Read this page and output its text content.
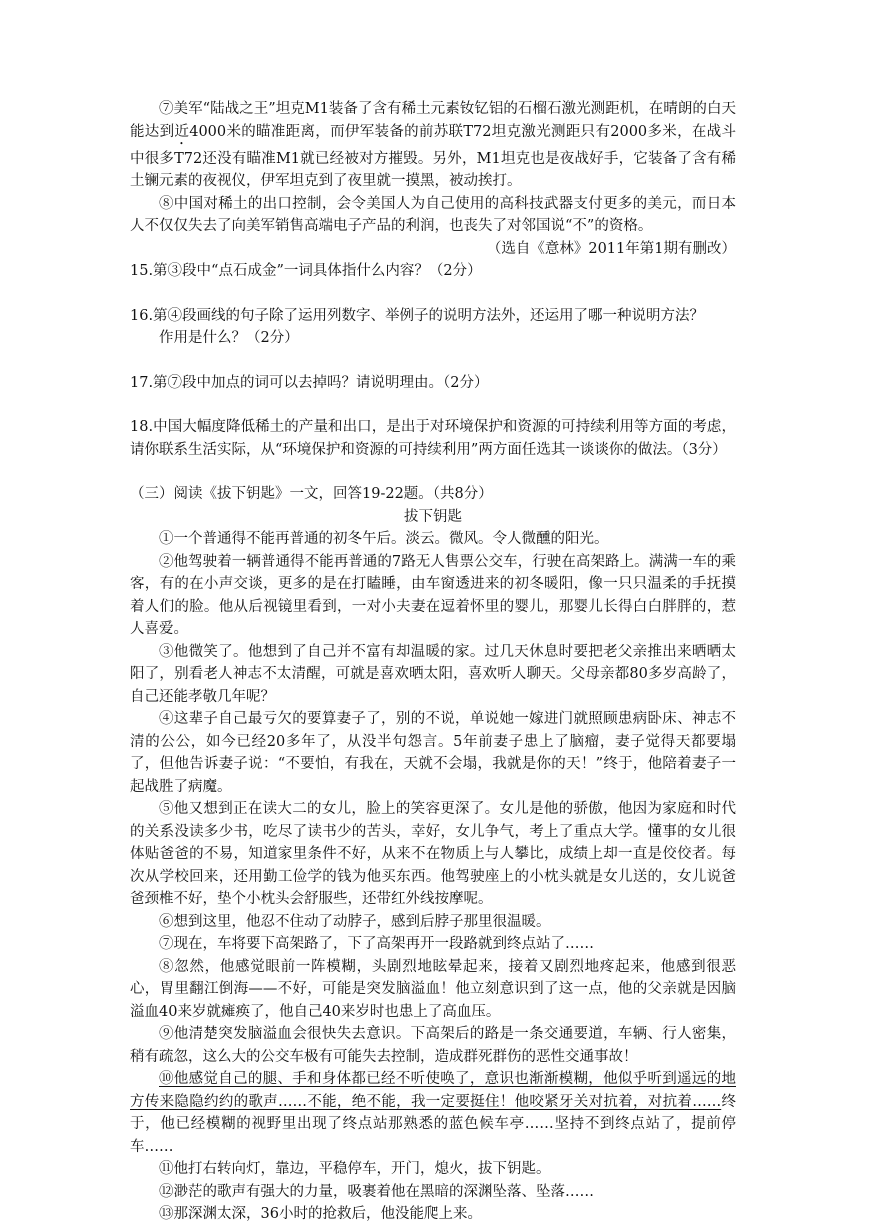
⑦美军“陆战之王”坦克M1装备了含有稀土元素钕钇铝的石榴石激光测距机，在晴朗的白天能达到近4000米的瞄准距离，而伊军装备的前苏联T72坦克激光测距只有2000多米，在战斗中很多T72还没有瞄准M1就已经被对方摧毁。另外，M1坦克也是夜战好手，它装备了含有稀土镧元素的夜视仪，伊军坦克到了夜里就一摸黑，被动挨打。

⑧中国对稀土的出口控制，会令美国人为自己使用的高科技武器支付更多的美元，而日本人不仅仅失去了向美军销售高端电子产品的利润，也丧失了对邻国说“不”的资格。

（选自《意林》2011年第1期有删改）

15.第③段中“点石成金”一词具体指什么内容？（2分）

16.第④段画线的句子除了运用列数字、举例子的说明方法外，还运用了哪一种说明方法？

作用是什么？（2分）

17.第⑦段中加点的词可以去掉吗？请说明理由。（2分）

18.中国大幅度降低稀土的产量和出口，是出于对环境保护和资源的可持续利用等方面的考虑，请你联系生活实际，从“环境保护和资源的可持续利用”两方面任选其一谈谈你的做法。（3分）

（三）阅读《拔下钥匙》一文，回答19-22题。（共8分）

拔下钥匙

①一个普通得不能再普通的初冬午后。淡云。微风。令人微醺的阳光。

②他驾驶着一辆普通得不能再普通的7路无人售票公交车，行驶在高架路上。满满一车的乘客，有的在小声交谈，更多的是在打瞌睡，由车窗透进来的初冬暖阳，像一只只温柔的手抚摸着人们的脸。他从后视镜里看到，一对小夫妻在逗着怀里的婴儿，那婴儿长得白白胖胖的，惹人喜爱。

③他微笑了。他想到了自己并不富有却温暖的家。过几天休息时要把老父亲推出来晒晒太阳了，别看老人神志不太清醒，可就是喜欢晒太阳，喜欢听人聊天。父母亲都80多岁高龄了，自己还能孝敬几年呢？

④这辈子自己最亏欠的要算妻子了，别的不说，单说她一嫁进门就照顾患病卧床、神志不清的公公，如今已经20多年了，从没半句怨言。5年前妻子患上了脑瘤，妻子觉得天都要塌了，但他告诉妻子说：“不要怕，有我在，天就不会塌，我就是你的天！”终于，他陪着妻子一起战胜了病魔。

⑤他又想到正在读大二的女儿，脸上的笑容更深了。女儿是他的骄傲，他因为家庭和时代的关系没读多少书，吃尽了读书少的苦头，幸好，女儿争气，考上了重点大学。懂事的女儿很体贴爸爸的不易，知道家里条件不好，从来不在物质上与人攀比，成绩上却一直是佼佼者。每次从学校回来，还用勤工俭学的钱为他买东西。他驾驶座上的小枕头就是女儿送的，女儿说爸爸颈椎不好，垫个小枕头会舒服些，还带红外线按摩呢。

⑥想到这里，他忍不住动了动脖子，感到后脖子那里很温暖。

⑦现在，车将要下高架路了，下了高架再开一段路就到终点站了……

⑧忽然，他感觉眼前一阵模糊，头剧烈地眩晕起来，接着又剧烈地疼起来，他感到很恶心，胃里翻江倒海——不好，可能是突发脑溢血！他立刻意识到了这一点，他的父亲就是因脑溢血40来岁就瘫痪了，他自己40来岁时也患上了高血压。

⑨他清楚突发脑溢血会很快失去意识。下高架后的路是一条交通要道，车辆、行人密集，稍有疏忽，这么大的公交车极有可能失去控制，造成群死群伤的恶性交通事故！

⑩他感觉自己的腿、手和身体都已经不听使唤了，意识也渐渐模糊，他似乎听到遥远的地方传来隐隐约约的歌声……不能，绝不能，我一定要挺住！他咬紧牙关对抗着，对抗着……终于，他已经模糊的视野里出现了终点站那熟悉的蓝色候车亭……坚持不到终点站了，提前停车……

⑪他打右转向灯，靠边，平稳停车，开门，熄火，拔下钥匙。

⑫渺茫的歌声有强大的力量，吸裹着他在黑暗的深渊坠落、坠落……

⑬那深渊太深，36小时的抢救后，他没能爬上来。
